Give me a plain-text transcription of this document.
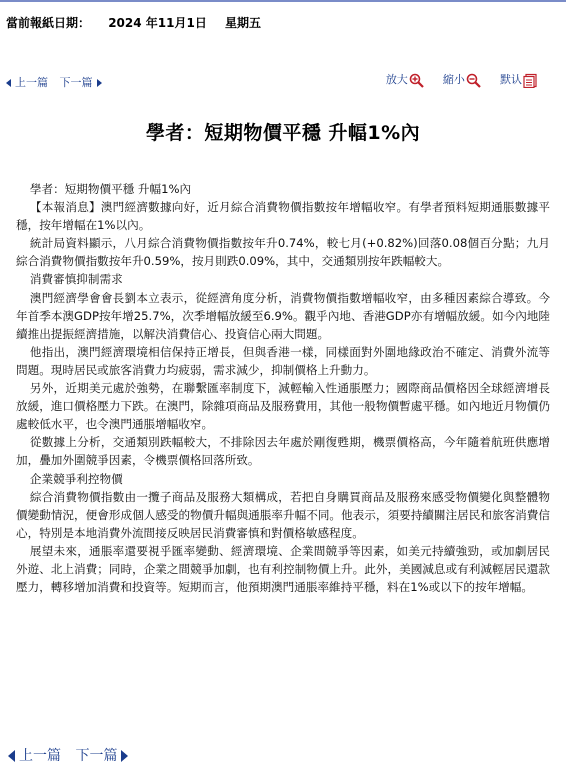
當前報紙日期： 2024 年11月1日 星期五
上一篇 下一篇	放大	縮小	默认
學者：短期物價平穩 升幅1%內

學者：短期物價平穩 升幅1%內

【本報消息】澳門經濟數據向好，近月綜合消費物價指數按年增幅收窄。有學者預料短期通脹數據平穩，按年增幅在1%以內。

統計局資料顯示，八月綜合消費物價指數按年升0.74%，較七月(+0.82%)回落0.08個百分點；九月綜合消費物價指數按年升0.59%，按月則跌0.09%，其中，交通類別按年跌幅較大。

消費審慎抑制需求

澳門經濟學會會長劉本立表示，從經濟角度分析，消費物價指數增幅收窄，由多種因素綜合導致。今年首季本澳GDP按年增25.7%，次季增幅放緩至6.9%。觀乎內地、香港GDP亦有增幅放緩。如今內地陸續推出提振經濟措施，以解決消費信心、投資信心兩大問題。

他指出，澳門經濟環境相信保持正增長，但與香港一樣，同樣面對外圍地緣政治不確定、消費外流等問題。現時居民或旅客消費力均疲弱，需求減少，抑制價格上升動力。

另外，近期美元處於強勢，在聯繫匯率制度下，減輕輸入性通脹壓力；國際商品價格因全球經濟增長放緩，進口價格壓力下跌。在澳門，除雜項商品及服務費用，其他一般物價暫處平穩。如內地近月物價仍處較低水平，也令澳門通脹增幅收窄。

從數據上分析，交通類別跌幅較大，不排除因去年處於剛復甦期，機票價格高，今年隨着航班供應增加，疊加外圍競爭因素，令機票價格回落所致。

企業競爭利控物價

綜合消費物價指數由一攬子商品及服務大類構成，若把自身購買商品及服務來感受物價變化與整體物價變動情況，便會形成個人感受的物價升幅與通脹率升幅不同。他表示，須要持續關注居民和旅客消費信心，特別是本地消費外流間接反映居民消費審慎和對價格敏感程度。

展望未來，通脹率還要視乎匯率變動、經濟環境、企業間競爭等因素，如美元持續強勁，或加劇居民外遊、北上消費；同時，企業之間競爭加劇，也有利控制物價上升。此外，美國減息或有利減輕居民還款壓力，轉移增加消費和投資等。短期而言，他預期澳門通脹率維持平穩，料在1%或以下的按年增幅。

上一篇 下一篇
